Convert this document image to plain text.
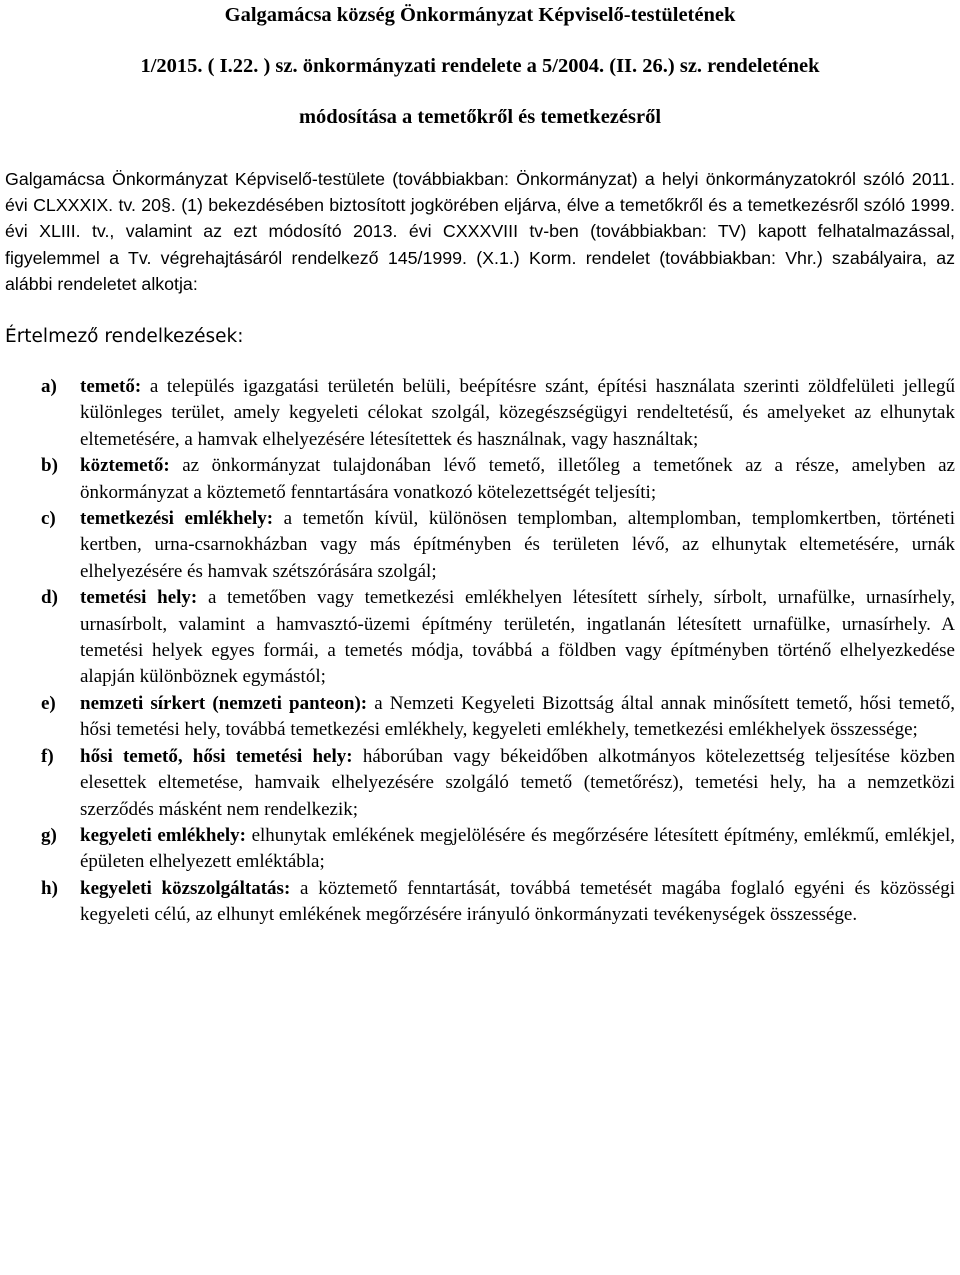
Galgamácsa község Önkormányzat Képviselő-testületének

1/2015. ( I.22. ) sz. önkormányzati rendelete a 5/2004. (II. 26.) sz. rendeletének

módosítása a temetőkről és temetkezésről

Galgamácsa Önkormányzat Képviselő-testülete (továbbiakban: Önkormányzat) a helyi önkormányzatokról szóló 2011. évi CLXXXIX. tv. 20§. (1) bekezdésében biztosított jogkörében eljárva, élve a temetőkről és a temetkezésről szóló 1999. évi XLIII. tv., valamint az ezt módosító 2013. évi CXXXVIII tv-ben (továbbiakban: TV) kapott felhatalmazással, figyelemmel a Tv. végrehajtásáról rendelkező 145/1999. (X.1.) Korm. rendelet (továbbiakban: Vhr.) szabályaira, az alábbi rendeletet alkotja:

Értelmező rendelkezések:

a) temető: a település igazgatási területén belüli, beépítésre szánt, építési használata szerinti zöldfelületi jellegű különleges terület, amely kegyeleti célokat szolgál, közegészségügyi rendeltetésű, és amelyeket az elhunytak eltemetésére, a hamvak elhelyezésére létesítettek és használnak, vagy használtak;
b) köztemető: az önkormányzat tulajdonában lévő temető, illetőleg a temetőnek az a része, amelyben az önkormányzat a köztemető fenntartására vonatkozó kötelezettségét teljesíti;
c) temetkezési emlékhely: a temetőn kívül, különösen templomban, altemplomban, templomkertben, történeti kertben, urna-csarnokházban vagy más építményben és területen lévő, az elhunytak eltemetésére, urnák elhelyezésére és hamvak szétszórására szolgál;
d) temetési hely: a temetőben vagy temetkezési emlékhelyen létesített sírhely, sírbolt, urnafülke, urnasírhely, urnasírbolt, valamint a hamvasztó-üzemi építmény területén, ingatlanán létesített urnafülke, urnasírhely. A temetési helyek egyes formái, a temetés módja, továbbá a földben vagy építményben történő elhelyezkedése alapján különböznek egymástól;
e) nemzeti sírkert (nemzeti panteon): a Nemzeti Kegyeleti Bizottság által annak minősített temető, hősi temető, hősi temetési hely, továbbá temetkezési emlékhely, kegyeleti emlékhely, temetkezési emlékhelyek összessége;
f) hősi temető, hősi temetési hely: háborúban vagy békeidőben alkotmányos kötelezettség teljesítése közben elesettek eltemetése, hamvaik elhelyezésére szolgáló temető (temetőrész), temetési hely, ha a nemzetközi szerződés másként nem rendelkezik;
g) kegyeleti emlékhely: elhunytak emlékének megjelölésére és megőrzésére létesített építmény, emlékmű, emlékjel, épületen elhelyezett emléktábla;
h) kegyeleti közszolgáltatás: a köztemető fenntartását, továbbá temetését magába foglaló egyéni és közösségi kegyeleti célú, az elhunyt emlékének megőrzésére irányuló önkormányzati tevékenységek összessége.
